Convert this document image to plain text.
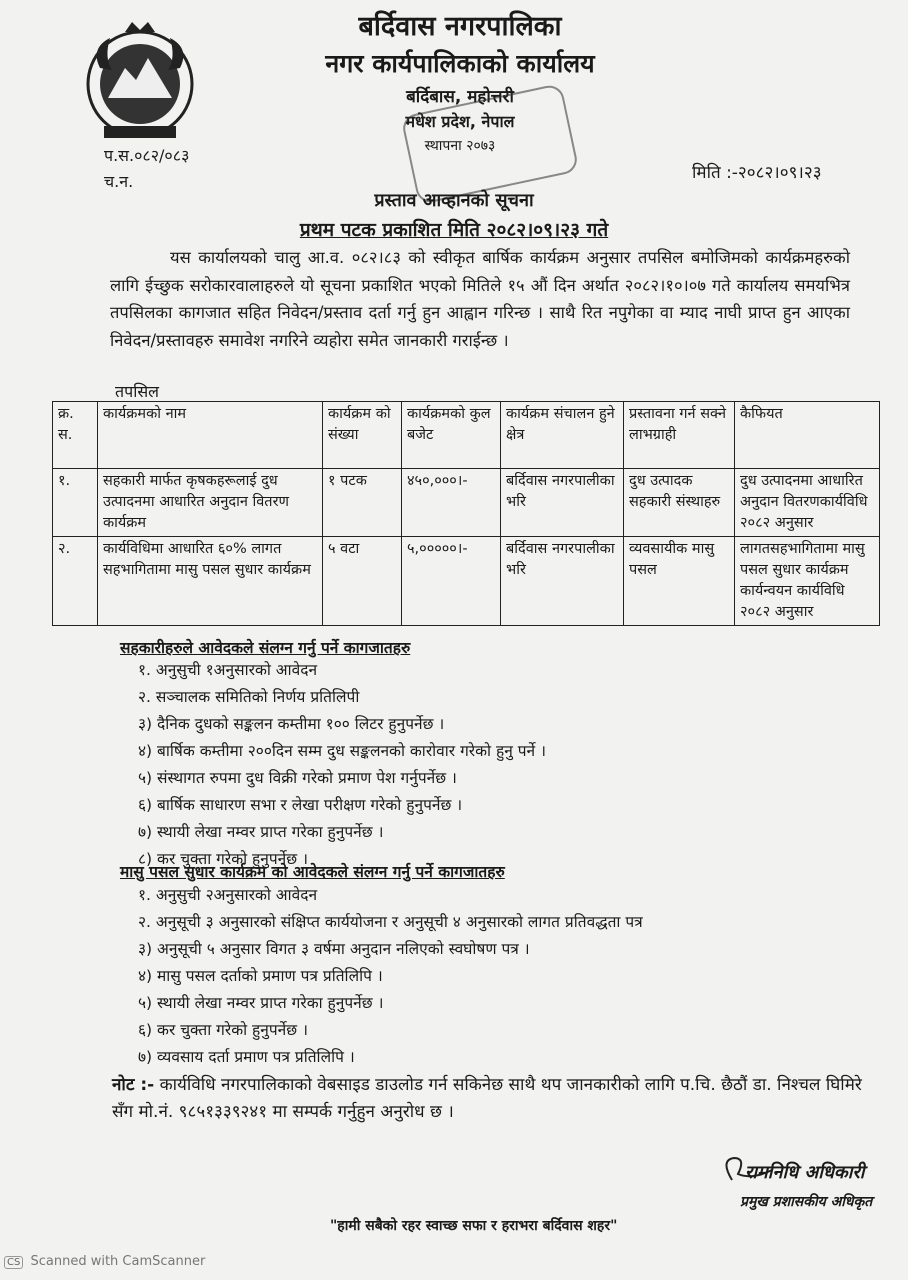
बर्दिवास नगरपालिका
नगर कार्यपालिकाको कार्यालय
बर्दिबास, महोत्तरी
मधेश प्रदेश, नेपाल
स्थापना २०७३
प.स.०८२/०८३
च.न.	मिति :-२०८२।०९।२३
प्रस्ताव आव्हानको सूचना
प्रथम पटक प्रकाशित मिति २०८२।०९।२३ गते
यस कार्यालयको चालु आ.व. ०८२।८३ को स्वीकृत बार्षिक कार्यक्रम अनुसार तपसिल बमोजिमको कार्यक्रमहरुको लागि ईच्छुक सरोकारवालाहरुले यो सूचना प्रकाशित भएको मितिले १५ औं दिन अर्थात २०८२।१०।०७ गते कार्यालय समयभित्र तपसिलका कागजात सहित निवेदन/प्रस्ताव दर्ता गर्नु हुन आह्वान गरिन्छ । साथै रित नपुगेका वा म्याद नाघी प्राप्त हुन आएका निवेदन/प्रस्तावहरु समावेश नगरिने व्यहोरा समेत जानकारी गराईन्छ ।
तपसिल
क्र. स.	कार्यक्रमको नाम	कार्यक्रम को संख्या	कार्यक्रमको कुल बजेट	कार्यक्रम संचालन हुने क्षेत्र	प्रस्तावना गर्न सक्ने लाभग्राही	कैफियत
१.	सहकारी मार्फत कृषकहरूलाई दुध उत्पादनमा आधारित अनुदान वितरण कार्यक्रम	१ पटक	४५०,०००।-	बर्दिवास नगरपालीका भरि	दुध उत्पादक सहकारी संस्थाहरु	दुध उत्पादनमा आधारित अनुदान वितरणकार्यविधि २०८२ अनुसार
२.	कार्यविधिमा आधारित ६०% लागत सहभागितामा मासु पसल सुधार कार्यक्रम	५ वटा	५,०००००।-	बर्दिवास नगरपालीका भरि	व्यवसायीक मासु पसल	लागतसहभागितामा मासु पसल सुधार कार्यक्रम कार्यन्वयन कार्यविधि २०८२ अनुसार
सहकारीहरुले आवेदकले संलग्न गर्नु पर्ने कागजातहरु
१. अनुसुची १अनुसारको आवेदन
२. सञ्चालक समितिको निर्णय प्रतिलिपी
३) दैनिक दुधको सङ्कलन कम्तीमा १०० लिटर हुनुपर्नेछ ।
४) बार्षिक कम्तीमा २००दिन सम्म दुध सङ्कलनको कारोवार गरेको हुनु पर्ने ।
५) संस्थागत रुपमा दुध विक्री गरेको प्रमाण पेश गर्नुपर्नेछ ।
६) बार्षिक साधारण सभा र लेखा परीक्षण गरेको हुनुपर्नेछ ।
७) स्थायी लेखा नम्वर प्राप्त गरेका हुनुपर्नेछ ।
८) कर चुक्ता गरेको हुनुपर्नेछ ।
मासु पसल सुधार कार्यक्रम को आवेदकले संलग्न गर्नु पर्ने कागजातहरु
१. अनुसुची २अनुसारको आवेदन
२. अनुसूची ३ अनुसारको संक्षिप्त कार्ययोजना र अनुसूची ४ अनुसारको लागत प्रतिवद्धता पत्र
३) अनुसूची ५ अनुसार विगत ३ वर्षमा अनुदान नलिएको स्वघोषण पत्र ।
४) मासु पसल दर्ताको प्रमाण पत्र प्रतिलिपि ।
५) स्थायी लेखा नम्वर प्राप्त गरेका हुनुपर्नेछ ।
६) कर चुक्ता गरेको हुनुपर्नेछ ।
७) व्यवसाय दर्ता प्रमाण पत्र प्रतिलिपि ।
नोट :- कार्यविधि नगरपालिकाको वेबसाइड डाउलोड गर्न सकिनेछ साथै थप जानकारीको लागि प.चि. छैठौं डा. निश्चल घिमिरे सँग मो.नं. ९८५१३३९२४१ मा सम्पर्क गर्नुहुन अनुरोध छ ।
रामनिधि अधिकारी
प्रमुख प्रशासकीय अधिकृत
"हामी सबैको रहर स्वाच्छ सफा र हराभरा बर्दिवास शहर"
CS Scanned with CamScanner
